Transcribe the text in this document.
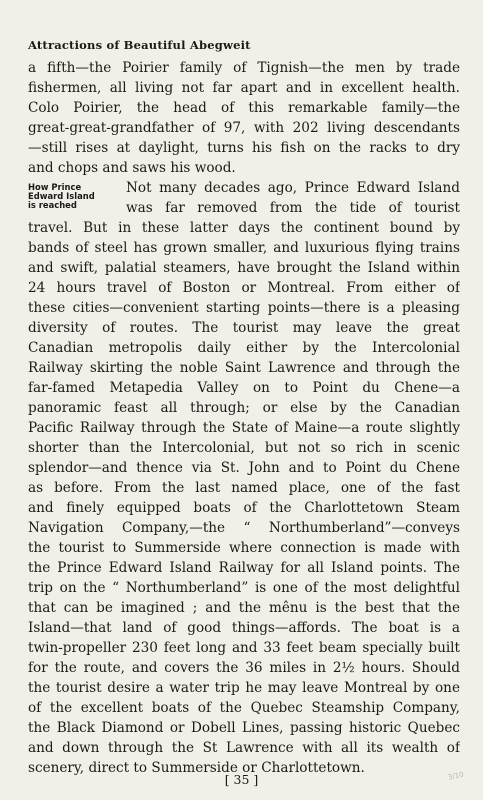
Attractions of Beautiful Abegweit
a fifth—the Poirier family of Tignish—the men by trade
fishermen, all living not far apart and in excellent health.
Colo Poirier, the head of this remarkable family—the
great-great-grandfather of 97, with 202 living descendants
—still rises at daylight, turns his fish on the racks to dry
and chops and saws his wood.
How Prince
Edward Island
is reached
Not many decades ago, Prince Edward Island
was far removed from the tide of tourist
travel. But in these latter days the continent bound by
bands of steel has grown smaller, and luxurious flying trains
and swift, palatial steamers, have brought the Island within
24 hours travel of Boston or Montreal. From either of
these cities—convenient starting points—there is a pleasing
diversity of routes. The tourist may leave the great
Canadian metropolis daily either by the Intercolonial
Railway skirting the noble Saint Lawrence and through the
far-famed Metapedia Valley on to Point du Chene—a
panoramic feast all through; or else by the Canadian
Pacific Railway through the State of Maine—a route slightly
shorter than the Intercolonial, but not so rich in scenic
splendor—and thence via St. John and to Point du Chene
as before. From the last named place, one of the fast
and finely equipped boats of the Charlottetown Steam
Navigation Company,—the “ Northumberland”—conveys
the tourist to Summerside where connection is made with
the Prince Edward Island Railway for all Island points. The
trip on the “ Northumberland” is one of the most delightful
that can be imagined ; and the mênu is the best that the
Island—that land of good things—affords. The boat is a
twin-propeller 230 feet long and 33 feet beam specially built
for the route, and covers the 36 miles in 2½ hours. Should
the tourist desire a water trip he may leave Montreal by one
of the excellent boats of the Quebec Steamship Company,
the Black Diamond or Dobell Lines, passing historic Quebec
and down through the St Lawrence with all its wealth of
scenery, direct to Summerside or Charlottetown.
[ 35 ]	3/10
